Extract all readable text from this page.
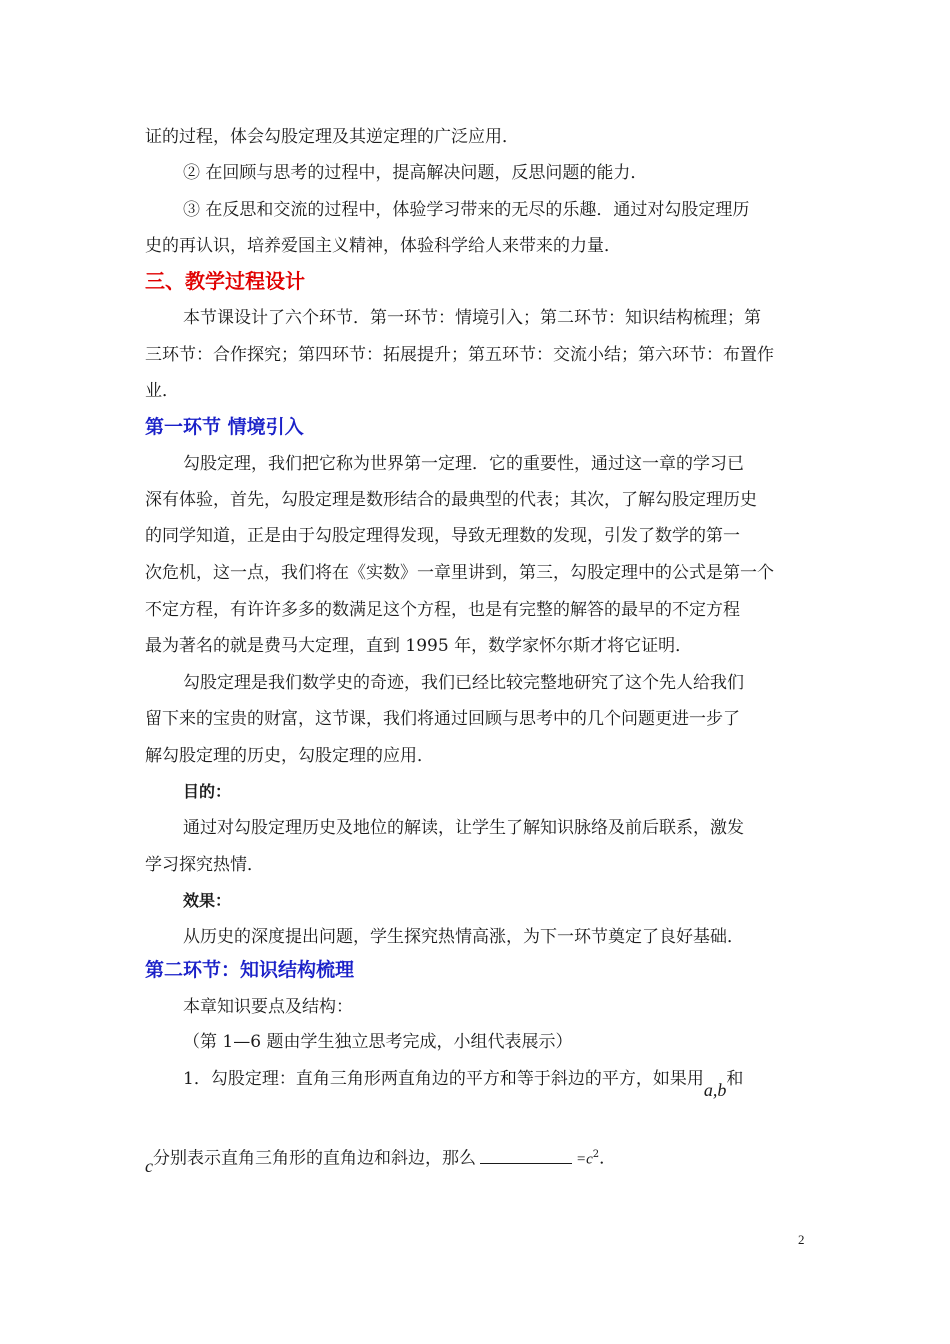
证的过程，体会勾股定理及其逆定理的广泛应用．

② 在回顾与思考的过程中，提高解决问题，反思问题的能力．

③ 在反思和交流的过程中，体验学习带来的无尽的乐趣．通过对勾股定理历

史的再认识，培养爱国主义精神，体验科学给人来带来的力量．

三、教学过程设计

本节课设计了六个环节．第一环节：情境引入；第二环节：知识结构梳理；第

三环节：合作探究；第四环节：拓展提升；第五环节：交流小结；第六环节：布置作

业．

第一环节 情境引入

勾股定理，我们把它称为世界第一定理．它的重要性，通过这一章的学习已

深有体验，首先，勾股定理是数形结合的最典型的代表；其次，了解勾股定理历史

的同学知道，正是由于勾股定理得发现，导致无理数的发现，引发了数学的第一

次危机，这一点，我们将在《实数》一章里讲到，第三，勾股定理中的公式是第一个

不定方程，有许许多多的数满足这个方程，也是有完整的解答的最早的不定方程

最为著名的就是费马大定理，直到 1995 年，数学家怀尔斯才将它证明．

勾股定理是我们数学史的奇迹，我们已经比较完整地研究了这个先人给我们

留下来的宝贵的财富，这节课，我们将通过回顾与思考中的几个问题更进一步了

解勾股定理的历史，勾股定理的应用．

目的：

通过对勾股定理历史及地位的解读，让学生了解知识脉络及前后联系，激发

学习探究热情．

效果：

从历史的深度提出问题，学生探究热情高涨，为下一环节奠定了良好基础．

第二环节：知识结构梳理

本章知识要点及结构：

（第 1—6 题由学生独立思考完成，小组代表展示）

1．勾股定理：直角三角形两直角边的平方和等于斜边的平方，如果用a,b和

c分别表示直角三角形的直角边和斜边，那么	$=c^2$．

2
